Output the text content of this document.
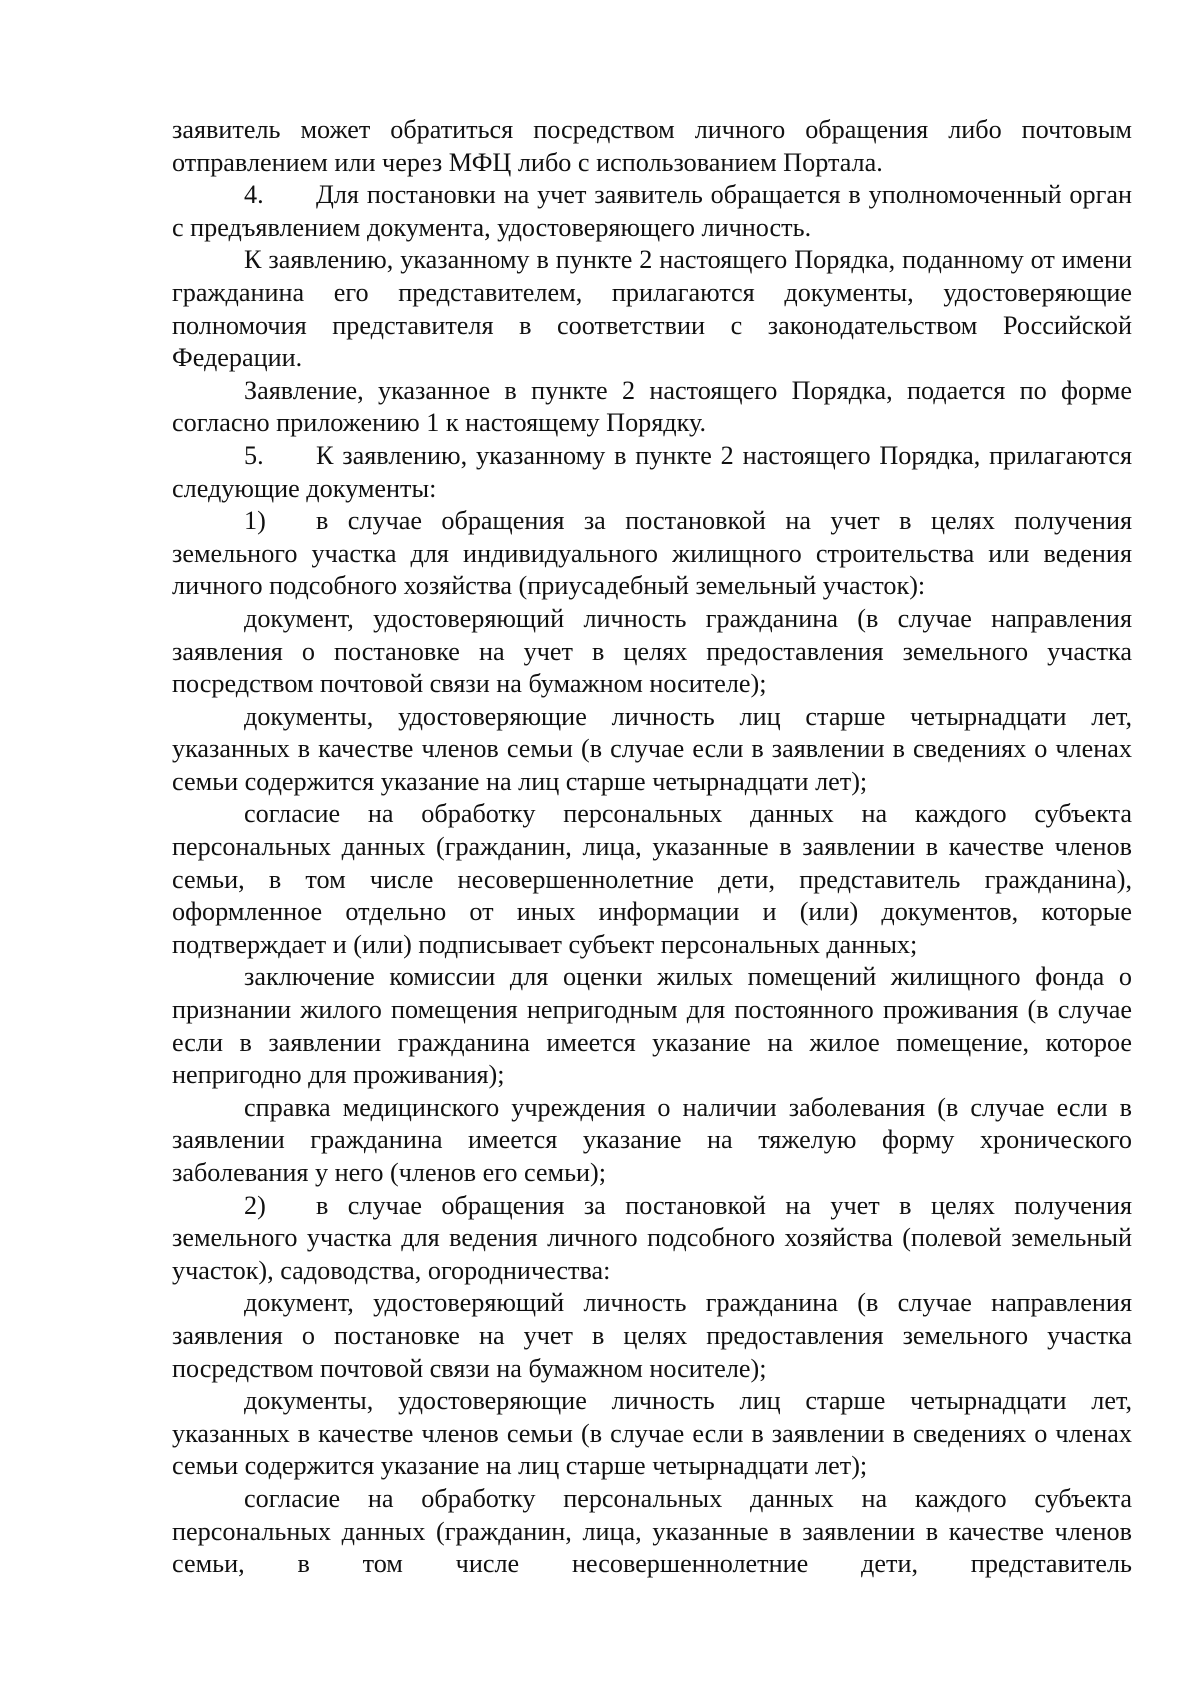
заявитель может обратиться посредством личного обращения либо почтовым отправлением или через МФЦ либо с использованием Портала.

4. Для постановки на учет заявитель обращается в уполномоченный орган с предъявлением документа, удостоверяющего личность.

К заявлению, указанному в пункте 2 настоящего Порядка, поданному от имени гражданина его представителем, прилагаются документы, удостоверяющие полномочия представителя в соответствии с законодательством Российской Федерации.

Заявление, указанное в пункте 2 настоящего Порядка, подается по форме согласно приложению 1 к настоящему Порядку.

5. К заявлению, указанному в пункте 2 настоящего Порядка, прилагаются следующие документы:

1) в случае обращения за постановкой на учет в целях получения земельного участка для индивидуального жилищного строительства или ведения личного подсобного хозяйства (приусадебный земельный участок):

документ, удостоверяющий личность гражданина (в случае направления заявления о постановке на учет в целях предоставления земельного участка посредством почтовой связи на бумажном носителе);

документы, удостоверяющие личность лиц старше четырнадцати лет, указанных в качестве членов семьи (в случае если в заявлении в сведениях о членах семьи содержится указание на лиц старше четырнадцати лет);

согласие на обработку персональных данных на каждого субъекта персональных данных (гражданин, лица, указанные в заявлении в качестве членов семьи, в том числе несовершеннолетние дети, представитель гражданина), оформленное отдельно от иных информации и (или) документов, которые подтверждает и (или) подписывает субъект персональных данных;

заключение комиссии для оценки жилых помещений жилищного фонда о признании жилого помещения непригодным для постоянного проживания (в случае если в заявлении гражданина имеется указание на жилое помещение, которое непригодно для проживания);

справка медицинского учреждения о наличии заболевания (в случае если в заявлении гражданина имеется указание на тяжелую форму хронического заболевания у него (членов его семьи);

2) в случае обращения за постановкой на учет в целях получения земельного участка для ведения личного подсобного хозяйства (полевой земельный участок), садоводства, огородничества:

документ, удостоверяющий личность гражданина (в случае направления заявления о постановке на учет в целях предоставления земельного участка посредством почтовой связи на бумажном носителе);

документы, удостоверяющие личность лиц старше четырнадцати лет, указанных в качестве членов семьи (в случае если в заявлении в сведениях о членах семьи содержится указание на лиц старше четырнадцати лет);

согласие на обработку персональных данных на каждого субъекта персональных данных (гражданин, лица, указанные в заявлении в качестве членов семьи, в том числе несовершеннолетние дети, представитель
